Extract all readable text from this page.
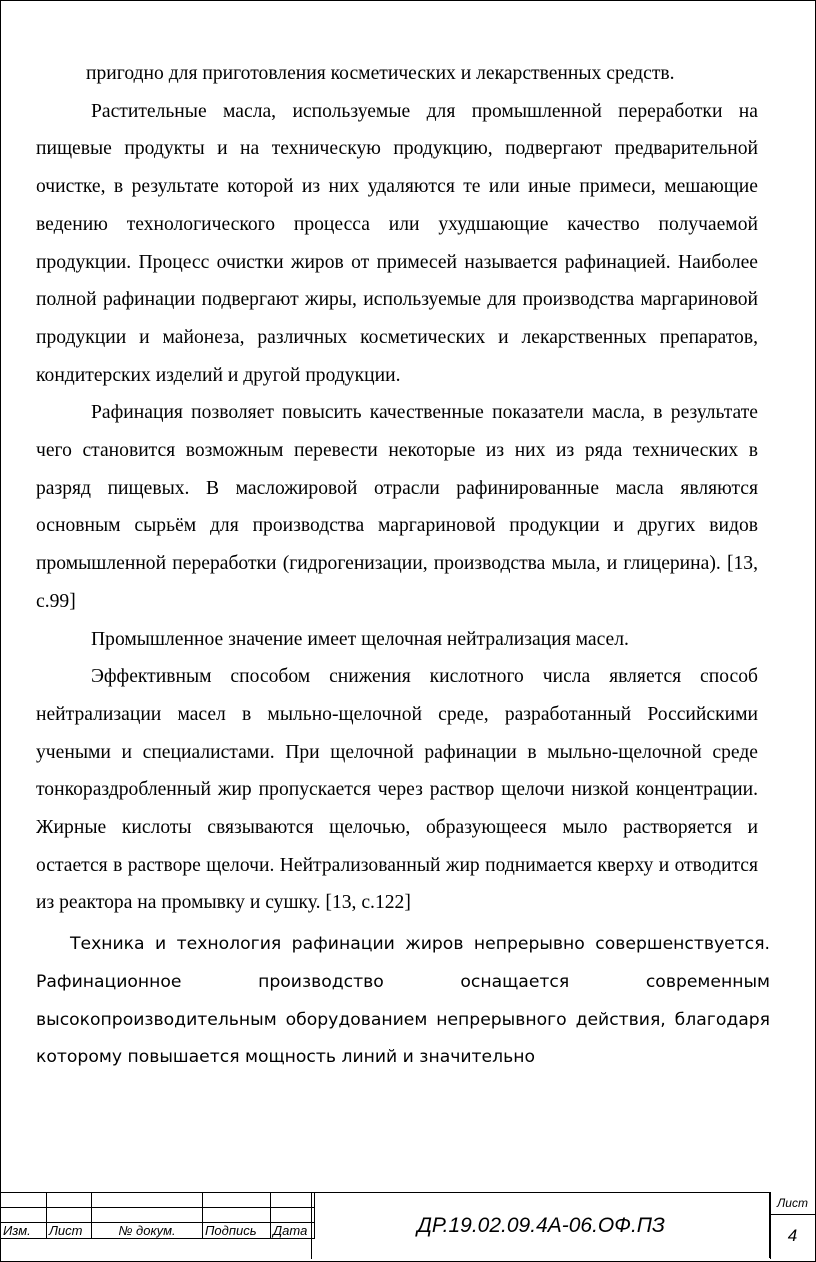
пригодно для приготовления косметических и лекарственных средств.

Растительные масла, используемые для промышленной переработки на пищевые продукты и на техническую продукцию, подвергают предварительной очистке, в результате которой из них удаляются те или иные примеси, мешающие ведению технологического процесса или ухудшающие качество получаемой продукции. Процесс очистки жиров от примесей называется рафинацией. Наиболее полной рафинации подвергают жиры, используемые для производства маргариновой продукции и майонеза, различных косметических и лекарственных препаратов, кондитерских изделий и другой продукции.

Рафинация позволяет повысить качественные показатели масла, в результате чего становится возможным перевести некоторые из них из ряда технических в разряд пищевых. В масложировой отрасли рафинированные масла являются основным сырьём для производства маргариновой продукции и других видов промышленной переработки (гидрогенизации, производства мыла, и глицерина). [13, с.99]

Промышленное значение имеет щелочная нейтрализация масел.

Эффективным способом снижения кислотного числа является способ нейтрализации масел в мыльно-щелочной среде, разработанный Российскими учеными и специалистами. При щелочной рафинации в мыльно-щелочной среде тонкораздробленный жир пропускается через раствор щелочи низкой концентрации. Жирные кислоты связываются щелочью, образующееся мыло растворяется и остается в растворе щелочи. Нейтрализованный жир поднимается кверху и отводится из реактора на промывку и сушку. [13, с.122]

Техника и технология рафинации жиров непрерывно совершенствуется. Рафинационное производство оснащается современным высокопроизводительным оборудованием непрерывного действия, благодаря которому повышается мощность линий и значительно

Изм.	Лист	№ докум.	Подпись	Дата	ДР.19.02.09.4А-06.ОФ.ПЗ
Лист
4
